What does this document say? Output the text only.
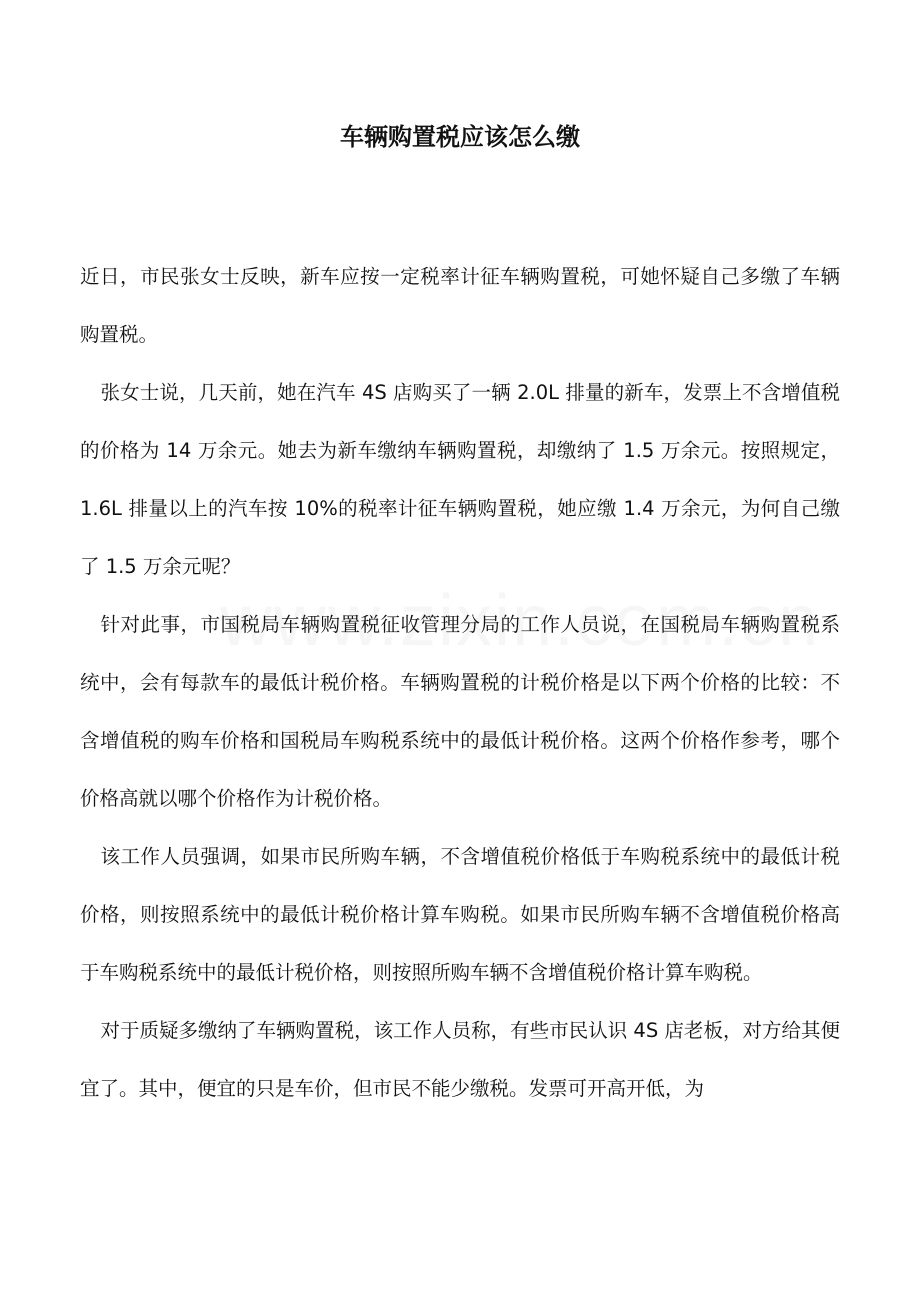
车辆购置税应该怎么缴

近日，市民张女士反映，新车应按一定税率计征车辆购置税，可她怀疑自己多缴了车辆购置税。

张女士说，几天前，她在汽车 4S 店购买了一辆 2.0L 排量的新车，发票上不含增值税的价格为 14 万余元。她去为新车缴纳车辆购置税，却缴纳了 1.5 万余元。按照规定，1.6L 排量以上的汽车按 10%的税率计征车辆购置税，她应缴 1.4 万余元，为何自己缴了 1.5 万余元呢？

针对此事，市国税局车辆购置税征收管理分局的工作人员说，在国税局车辆购置税系统中，会有每款车的最低计税价格。车辆购置税的计税价格是以下两个价格的比较：不含增值税的购车价格和国税局车购税系统中的最低计税价格。这两个价格作参考，哪个价格高就以哪个价格作为计税价格。

该工作人员强调，如果市民所购车辆，不含增值税价格低于车购税系统中的最低计税价格，则按照系统中的最低计税价格计算车购税。如果市民所购车辆不含增值税价格高于车购税系统中的最低计税价格，则按照所购车辆不含增值税价格计算车购税。

对于质疑多缴纳了车辆购置税，该工作人员称，有些市民认识 4S 店老板，对方给其便宜了。其中，便宜的只是车价，但市民不能少缴税。发票可开高开低，为
